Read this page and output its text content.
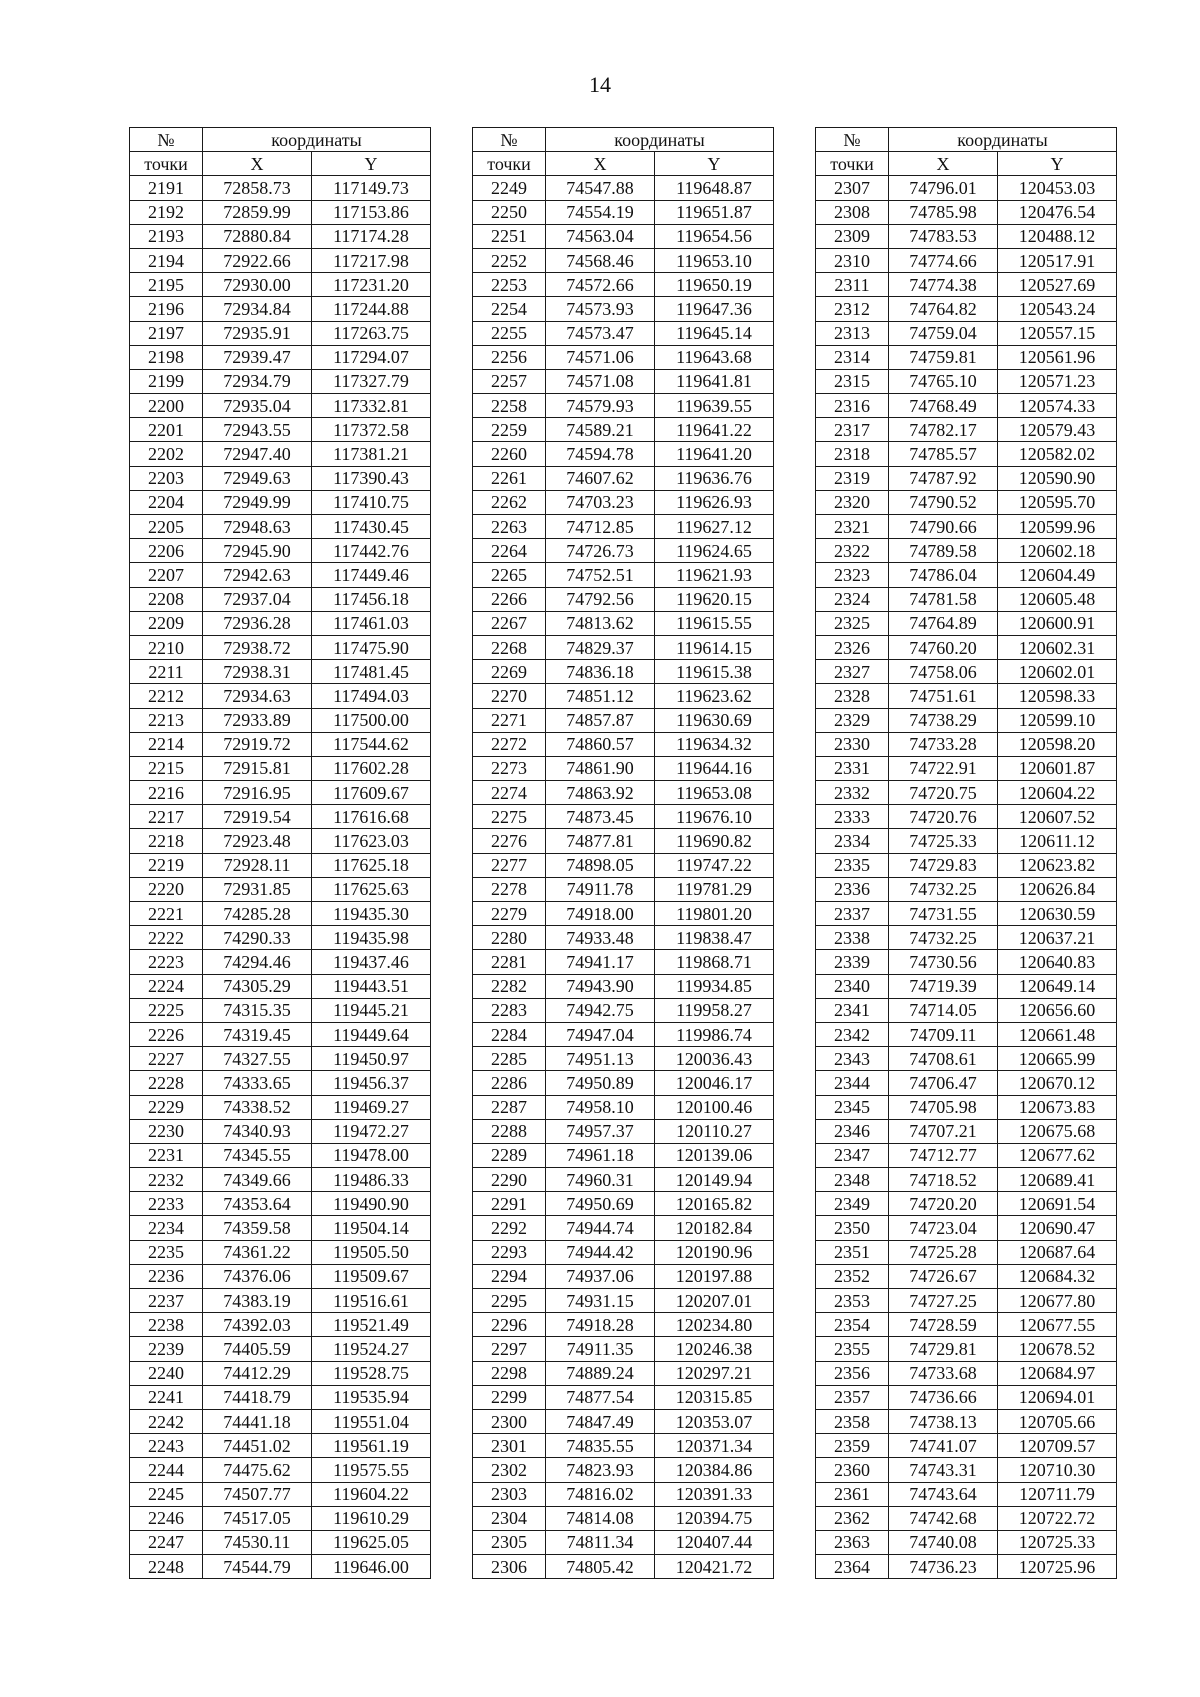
14
№	координаты	
точки	X	Y
2191	72858.73	117149.73
2192	72859.99	117153.86
2193	72880.84	117174.28
2194	72922.66	117217.98
2195	72930.00	117231.20
2196	72934.84	117244.88
2197	72935.91	117263.75
2198	72939.47	117294.07
2199	72934.79	117327.79
2200	72935.04	117332.81
2201	72943.55	117372.58
2202	72947.40	117381.21
2203	72949.63	117390.43
2204	72949.99	117410.75
2205	72948.63	117430.45
2206	72945.90	117442.76
2207	72942.63	117449.46
2208	72937.04	117456.18
2209	72936.28	117461.03
2210	72938.72	117475.90
2211	72938.31	117481.45
2212	72934.63	117494.03
2213	72933.89	117500.00
2214	72919.72	117544.62
2215	72915.81	117602.28
2216	72916.95	117609.67
2217	72919.54	117616.68
2218	72923.48	117623.03
2219	72928.11	117625.18
2220	72931.85	117625.63
2221	74285.28	119435.30
2222	74290.33	119435.98
2223	74294.46	119437.46
2224	74305.29	119443.51
2225	74315.35	119445.21
2226	74319.45	119449.64
2227	74327.55	119450.97
2228	74333.65	119456.37
2229	74338.52	119469.27
2230	74340.93	119472.27
2231	74345.55	119478.00
2232	74349.66	119486.33
2233	74353.64	119490.90
2234	74359.58	119504.14
2235	74361.22	119505.50
2236	74376.06	119509.67
2237	74383.19	119516.61
2238	74392.03	119521.49
2239	74405.59	119524.27
2240	74412.29	119528.75
2241	74418.79	119535.94
2242	74441.18	119551.04
2243	74451.02	119561.19
2244	74475.62	119575.55
2245	74507.77	119604.22
2246	74517.05	119610.29
2247	74530.11	119625.05
2248	74544.79	119646.00
№	координаты	
точки	X	Y
2249	74547.88	119648.87
2250	74554.19	119651.87
2251	74563.04	119654.56
2252	74568.46	119653.10
2253	74572.66	119650.19
2254	74573.93	119647.36
2255	74573.47	119645.14
2256	74571.06	119643.68
2257	74571.08	119641.81
2258	74579.93	119639.55
2259	74589.21	119641.22
2260	74594.78	119641.20
2261	74607.62	119636.76
2262	74703.23	119626.93
2263	74712.85	119627.12
2264	74726.73	119624.65
2265	74752.51	119621.93
2266	74792.56	119620.15
2267	74813.62	119615.55
2268	74829.37	119614.15
2269	74836.18	119615.38
2270	74851.12	119623.62
2271	74857.87	119630.69
2272	74860.57	119634.32
2273	74861.90	119644.16
2274	74863.92	119653.08
2275	74873.45	119676.10
2276	74877.81	119690.82
2277	74898.05	119747.22
2278	74911.78	119781.29
2279	74918.00	119801.20
2280	74933.48	119838.47
2281	74941.17	119868.71
2282	74943.90	119934.85
2283	74942.75	119958.27
2284	74947.04	119986.74
2285	74951.13	120036.43
2286	74950.89	120046.17
2287	74958.10	120100.46
2288	74957.37	120110.27
2289	74961.18	120139.06
2290	74960.31	120149.94
2291	74950.69	120165.82
2292	74944.74	120182.84
2293	74944.42	120190.96
2294	74937.06	120197.88
2295	74931.15	120207.01
2296	74918.28	120234.80
2297	74911.35	120246.38
2298	74889.24	120297.21
2299	74877.54	120315.85
2300	74847.49	120353.07
2301	74835.55	120371.34
2302	74823.93	120384.86
2303	74816.02	120391.33
2304	74814.08	120394.75
2305	74811.34	120407.44
2306	74805.42	120421.72
№	координаты	
точки	X	Y
2307	74796.01	120453.03
2308	74785.98	120476.54
2309	74783.53	120488.12
2310	74774.66	120517.91
2311	74774.38	120527.69
2312	74764.82	120543.24
2313	74759.04	120557.15
2314	74759.81	120561.96
2315	74765.10	120571.23
2316	74768.49	120574.33
2317	74782.17	120579.43
2318	74785.57	120582.02
2319	74787.92	120590.90
2320	74790.52	120595.70
2321	74790.66	120599.96
2322	74789.58	120602.18
2323	74786.04	120604.49
2324	74781.58	120605.48
2325	74764.89	120600.91
2326	74760.20	120602.31
2327	74758.06	120602.01
2328	74751.61	120598.33
2329	74738.29	120599.10
2330	74733.28	120598.20
2331	74722.91	120601.87
2332	74720.75	120604.22
2333	74720.76	120607.52
2334	74725.33	120611.12
2335	74729.83	120623.82
2336	74732.25	120626.84
2337	74731.55	120630.59
2338	74732.25	120637.21
2339	74730.56	120640.83
2340	74719.39	120649.14
2341	74714.05	120656.60
2342	74709.11	120661.48
2343	74708.61	120665.99
2344	74706.47	120670.12
2345	74705.98	120673.83
2346	74707.21	120675.68
2347	74712.77	120677.62
2348	74718.52	120689.41
2349	74720.20	120691.54
2350	74723.04	120690.47
2351	74725.28	120687.64
2352	74726.67	120684.32
2353	74727.25	120677.80
2354	74728.59	120677.55
2355	74729.81	120678.52
2356	74733.68	120684.97
2357	74736.66	120694.01
2358	74738.13	120705.66
2359	74741.07	120709.57
2360	74743.31	120710.30
2361	74743.64	120711.79
2362	74742.68	120722.72
2363	74740.08	120725.33
2364	74736.23	120725.96
